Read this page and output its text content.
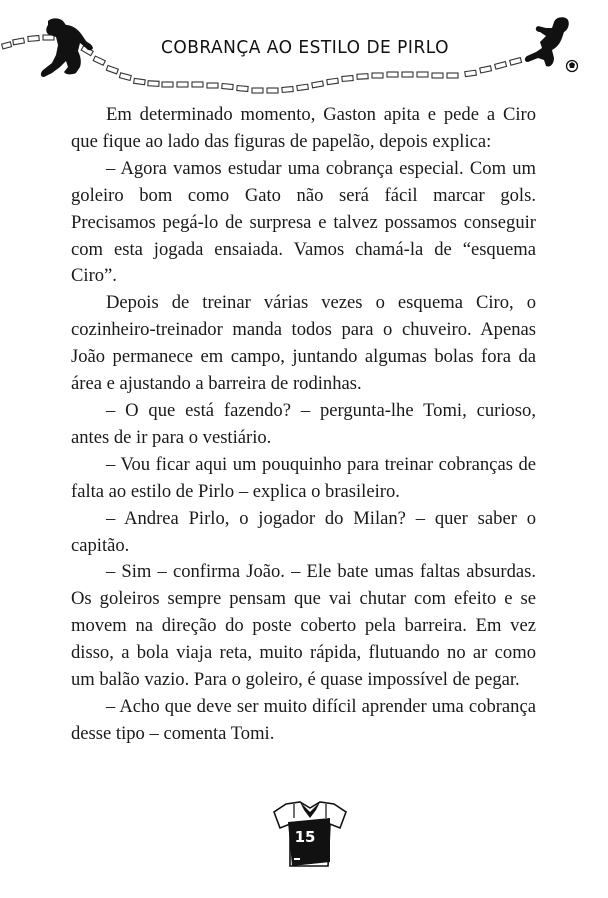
COBRANÇA AO ESTILO DE PIRLO

Em determinado momento, Gaston apita e pede a Ciro que fique ao lado das figuras de papelão, depois explica:

– Agora vamos estudar uma cobrança especial. Com um goleiro bom como Gato não será fácil marcar gols. Precisamos pegá-lo de surpresa e talvez possamos conseguir com esta jogada ensaiada. Vamos chamá-la de “esquema Ciro”.

Depois de treinar várias vezes o esquema Ciro, o cozinheiro-treinador manda todos para o chuveiro. Apenas João permanece em campo, juntando algumas bolas fora da área e ajustando a barreira de rodinhas.

– O que está fazendo? – pergunta-lhe Tomi, curioso, antes de ir para o vestiário.

– Vou ficar aqui um pouquinho para treinar cobranças de falta ao estilo de Pirlo – explica o brasileiro.

– Andrea Pirlo, o jogador do Milan? – quer saber o capitão.

– Sim – confirma João. – Ele bate umas faltas absurdas. Os goleiros sempre pensam que vai chutar com efeito e se movem na direção do poste coberto pela barreira. Em vez disso, a bola viaja reta, muito rápida, flutuando no ar como um balão vazio. Para o goleiro, é quase impossível de pegar.

– Acho que deve ser muito difícil aprender uma cobrança desse tipo – comenta Tomi.

15
